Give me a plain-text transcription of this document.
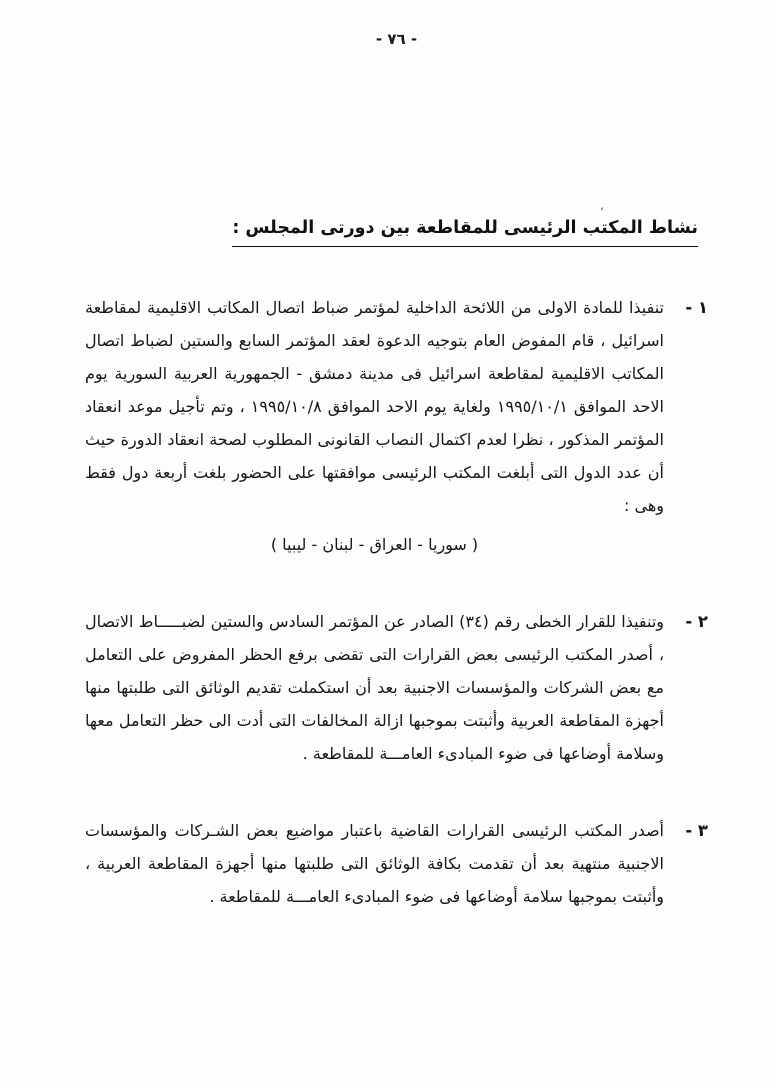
- ٧٦ -
،
نشاط المكتب الرئيسى للمقاطعة بين دورتى المجلس :
١ -

تنفيذا للمادة الاولى من اللائحة الداخلية لمؤتمر ضباط اتصال المكاتب الاقليمية لمقاطعة اسرائيل ، قام المفوض العام بتوجيه الدعوة لعقد المؤتمر السابع والستين لضباط اتصال المكاتب الاقليمية لمقاطعة اسرائيل فى مدينة دمشق - الجمهورية العربية السورية يوم الاحد الموافق ١٩٩٥/١٠/١ ولغاية يوم الاحد الموافق ١٩٩٥/١٠/٨ ، وتم تأجيل موعد انعقاد المؤتمر المذكور ، نظرا لعدم اكتمال النصاب القانونى المطلوب لصحة انعقاد الدورة حيث أن عدد الدول التى أبلغت المكتب الرئيسى موافقتها على الحضور بلغت أربعة دول فقط وهى :

( سوريا - العراق - لبنان - ليبيا )

٢ -

وتنفيذا للقرار الخطى رقم (٣٤) الصادر عن المؤتمر السادس والستين لضبـــــاط الاتصال ، أصدر المكتب الرئيسى بعض القرارات التى تقضى برفع الحظر المفروض على التعامل مع بعض الشركات والمؤسسات الاجنبية بعد أن استكملت تقديم الوثائق التى طلبتها منها أجهزة المقاطعة العربية وأثبتت بموجبها ازالة المخالفات التى أدت الى حظر التعامل معها وسلامة أوضاعها فى ضوء المبادىء العامـــة للمقاطعة .

٣ -

أصدر المكتب الرئيسى القرارات القاضية باعتبار مواضيع بعض الشـركات والمؤسسات الاجنبية منتهية بعد أن تقدمت بكافة الوثائق التى طلبتها منها أجهزة المقاطعة العربية ، وأثبتت بموجبها سلامة أوضاعها فى ضوء المبادىء العامـــة للمقاطعة .
